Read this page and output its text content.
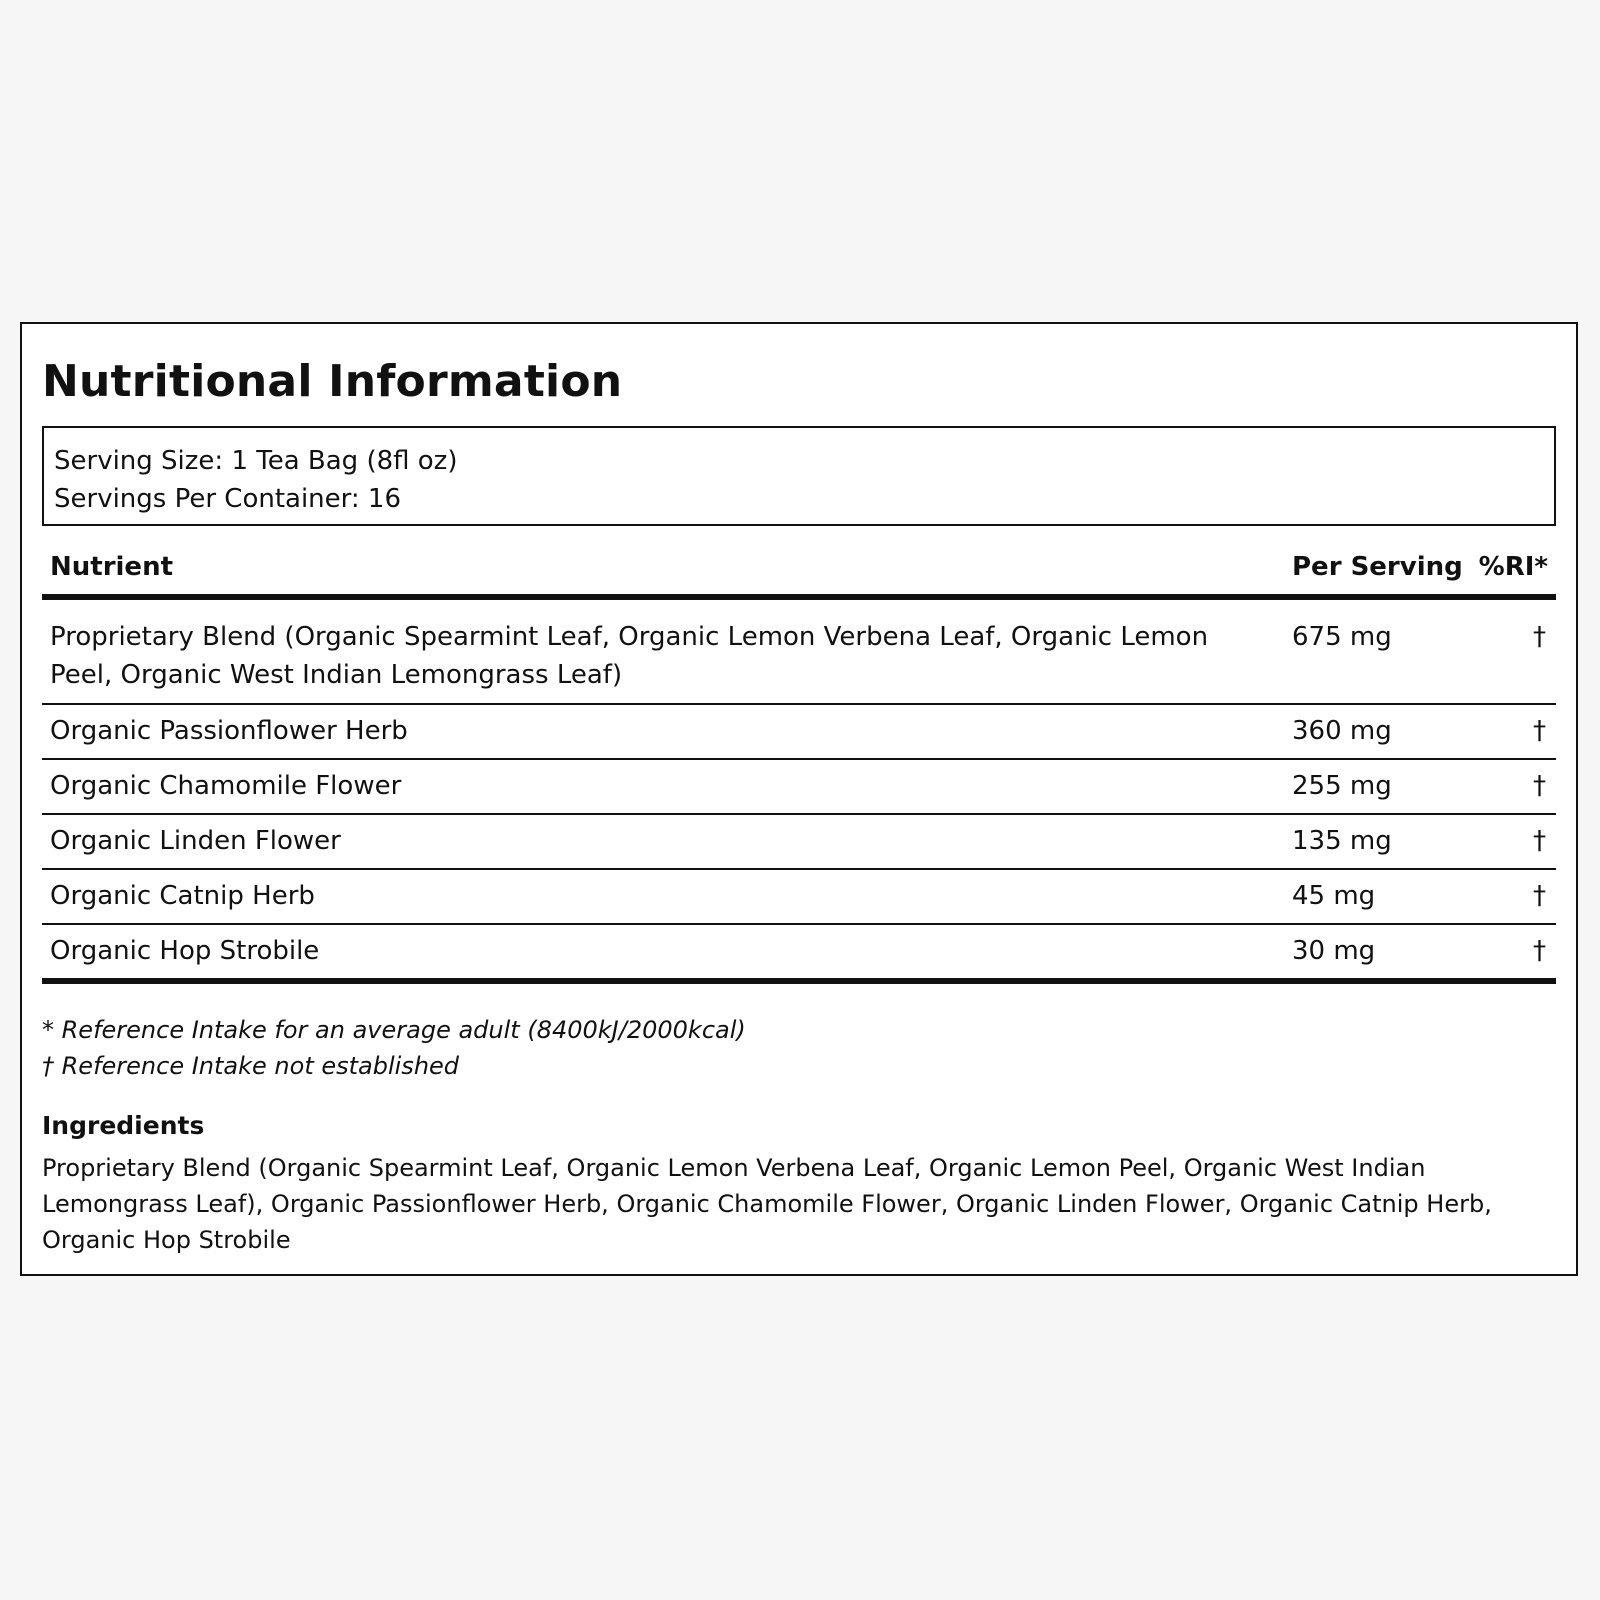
Nutritional Information
Serving Size: 1 Tea Bag (8fl oz)
Servings Per Container: 16
Nutrient	Per Serving	%RI*
Proprietary Blend (Organic Spearmint Leaf, Organic Lemon Verbena Leaf, Organic Lemon Peel, Organic West Indian Lemongrass Leaf)	675 mg	†
Organic Passionflower Herb	360 mg	†
Organic Chamomile Flower	255 mg	†
Organic Linden Flower	135 mg	†
Organic Catnip Herb	45 mg	†
Organic Hop Strobile	30 mg	†
* Reference Intake for an average adult (8400kJ/2000kcal)
† Reference Intake not established
Ingredients
Proprietary Blend (Organic Spearmint Leaf, Organic Lemon Verbena Leaf, Organic Lemon Peel, Organic West Indian Lemongrass Leaf), Organic Passionflower Herb, Organic Chamomile Flower, Organic Linden Flower, Organic Catnip Herb, Organic Hop Strobile
